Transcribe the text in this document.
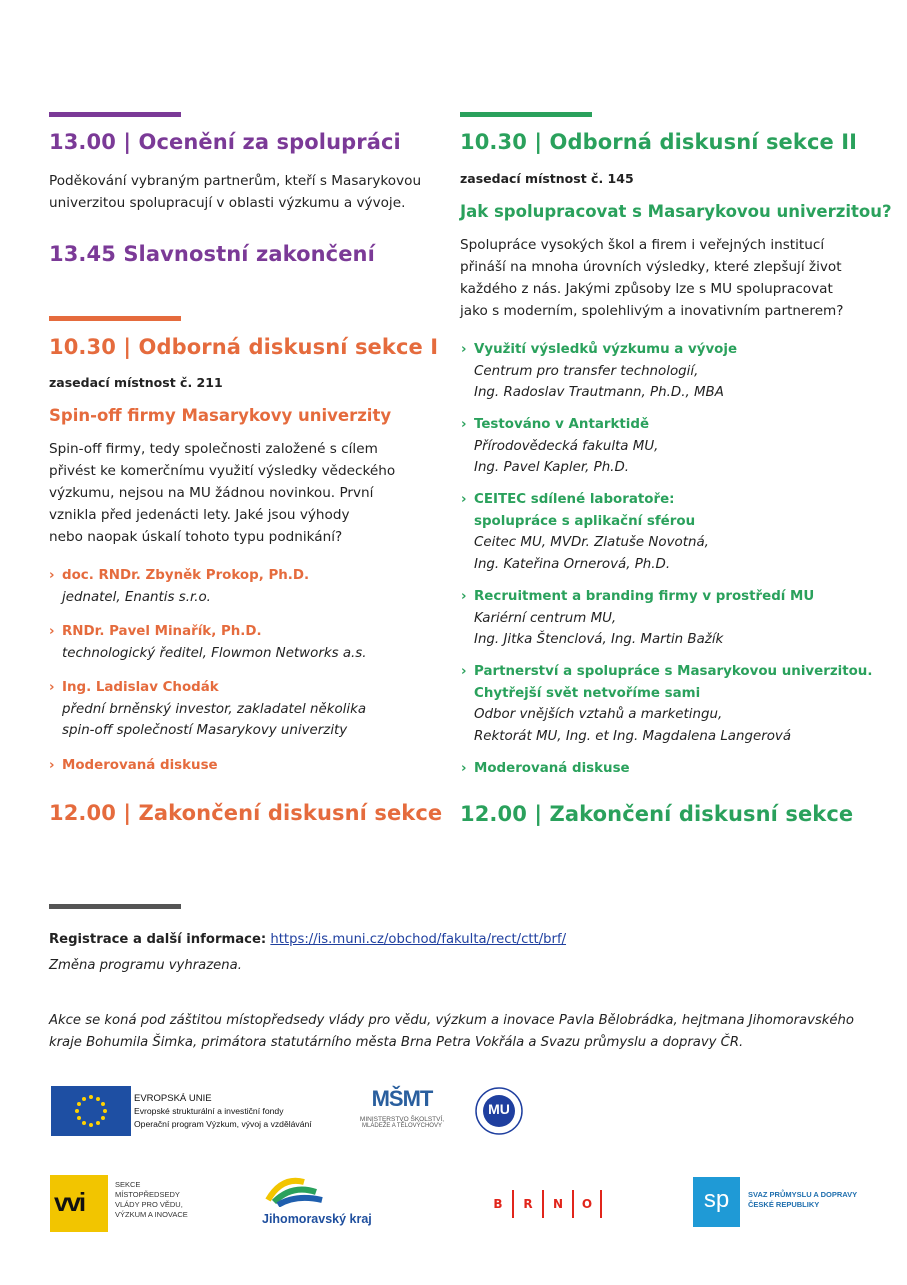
13.00 | Ocenění za spolupráci
Poděkování vybraným partnerům, kteří s Masarykovou
univerzitou spolupracují v oblasti výzkumu a vývoje.
13.45 Slavnostní zakončení
10.30 | Odborná diskusní sekce I
zasedací místnost č. 211
Spin-off firmy Masarykovy univerzity
Spin-off firmy, tedy společnosti založené s cílem
přivést ke komerčnímu využití výsledky vědeckého
výzkumu, nejsou na MU žádnou novinkou. První
vznikla před jedenácti lety. Jaké jsou výhody
nebo naopak úskalí tohoto typu podnikání?
› doc. RNDr. Zbyněk Prokop, Ph.D.
jednatel, Enantis s.r.o.
› RNDr. Pavel Minařík, Ph.D.
technologický ředitel, Flowmon Networks a.s.
› Ing. Ladislav Chodák
přední brněnský investor, zakladatel několika
spin-off společností Masarykovy univerzity
› Moderovaná diskuse
12.00 | Zakončení diskusní sekce
10.30 | Odborná diskusní sekce II
zasedací místnost č. 145
Jak spolupracovat s Masarykovou univerzitou?
Spolupráce vysokých škol a firem i veřejných institucí
přináší na mnoha úrovních výsledky, které zlepšují život
každého z nás. Jakými způsoby lze s MU spolupracovat
jako s moderním, spolehlivým a inovativním partnerem?
› Využití výsledků výzkumu a vývoje
Centrum pro transfer technologií,
Ing. Radoslav Trautmann, Ph.D., MBA
› Testováno v Antarktidě
Přírodovědecká fakulta MU,
Ing. Pavel Kapler, Ph.D.
› CEITEC sdílené laboratoře:
spolupráce s aplikační sférou
Ceitec MU, MVDr. Zlatuše Novotná,
Ing. Kateřina Ornerová, Ph.D.
› Recruitment a branding firmy v prostředí MU
Kariérní centrum MU,
Ing. Jitka Štenclová, Ing. Martin Bažík
› Partnerství a spolupráce s Masarykovou univerzitou.
Chytřejší svět netvoříme sami
Odbor vnějších vztahů a marketingu,
Rektorát MU, Ing. et Ing. Magdalena Langerová
› Moderovaná diskuse
12.00 | Zakončení diskusní sekce
Registrace a další informace: https://is.muni.cz/obchod/fakulta/rect/ctt/brf/
Změna programu vyhrazena.
Akce se koná pod záštitou místopředsedy vlády pro vědu, výzkum a inovace Pavla Bělobrádka, hejtmana Jihomoravského
kraje Bohumila Šimka, primátora statutárního města Brna Petra Vokřála a Svazu průmyslu a dopravy ČR.
EVROPSKÁ UNIE
Evropské strukturální a investiční fondy
Operační program Výzkum, vývoj a vzdělávání
MŠMT
MINISTERSTVO ŠKOLSTVÍ,
MLÁDEŽE A TĚLOVÝCHOVY
MU
vvi
SEKCE
MÍSTOPŘEDSEDY
VLÁDY PRO VĚDU,
VÝZKUM A INOVACE	Jihomoravský kraj
B	R	N	O	sp	SVAZ PRŮMYSLU A DOPRAVY
ČESKÉ REPUBLIKY
